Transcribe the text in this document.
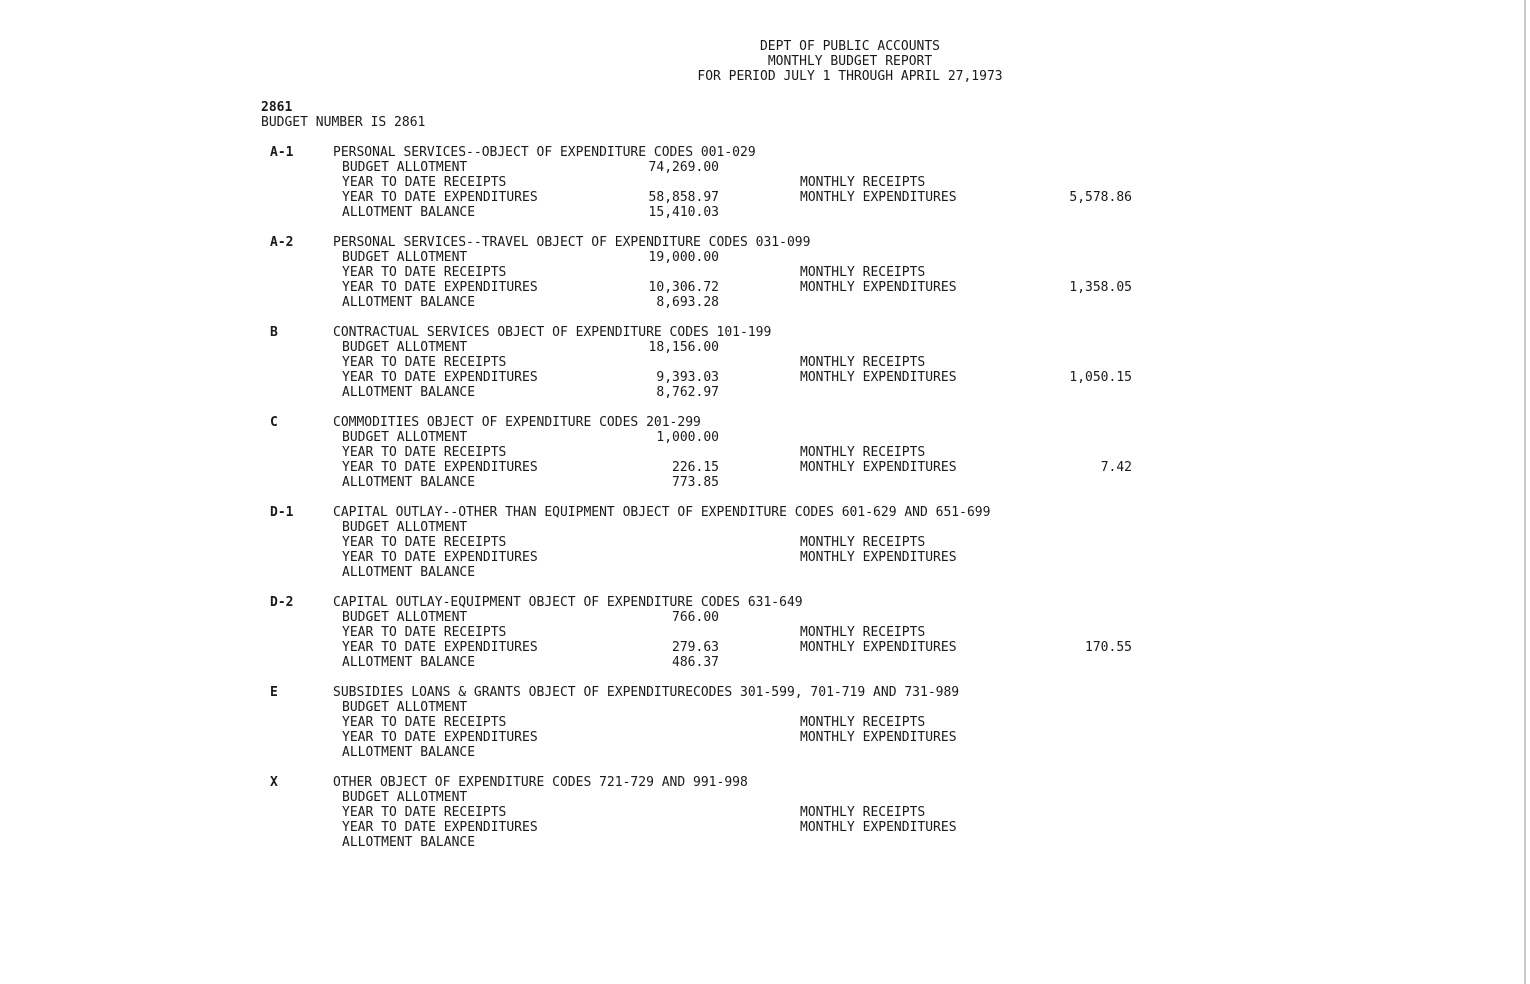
DEPT OF PUBLIC ACCOUNTS
MONTHLY BUDGET REPORT
FOR PERIOD JULY 1 THROUGH APRIL 27,1973
2861
BUDGET NUMBER IS 2861
A-1	PERSONAL SERVICES--OBJECT OF EXPENDITURE CODES 001-029
BUDGET ALLOTMENT	74,269.00
YEAR TO DATE RECEIPTS	MONTHLY RECEIPTS
YEAR TO DATE EXPENDITURES	58,858.97	MONTHLY EXPENDITURES	5,578.86
ALLOTMENT BALANCE	15,410.03
A-2	PERSONAL SERVICES--TRAVEL OBJECT OF EXPENDITURE CODES 031-099
BUDGET ALLOTMENT	19,000.00
YEAR TO DATE RECEIPTS	MONTHLY RECEIPTS
YEAR TO DATE EXPENDITURES	10,306.72	MONTHLY EXPENDITURES	1,358.05
ALLOTMENT BALANCE	8,693.28
B	CONTRACTUAL SERVICES OBJECT OF EXPENDITURE CODES 101-199
BUDGET ALLOTMENT	18,156.00
YEAR TO DATE RECEIPTS	MONTHLY RECEIPTS
YEAR TO DATE EXPENDITURES	9,393.03	MONTHLY EXPENDITURES	1,050.15
ALLOTMENT BALANCE	8,762.97
C	COMMODITIES OBJECT OF EXPENDITURE CODES 201-299
BUDGET ALLOTMENT	1,000.00
YEAR TO DATE RECEIPTS	MONTHLY RECEIPTS
YEAR TO DATE EXPENDITURES	226.15	MONTHLY EXPENDITURES	7.42
ALLOTMENT BALANCE	773.85
D-1	CAPITAL OUTLAY--OTHER THAN EQUIPMENT OBJECT OF EXPENDITURE CODES 601-629 AND 651-699
BUDGET ALLOTMENT
YEAR TO DATE RECEIPTS	MONTHLY RECEIPTS
YEAR TO DATE EXPENDITURES	MONTHLY EXPENDITURES
ALLOTMENT BALANCE
D-2	CAPITAL OUTLAY-EQUIPMENT OBJECT OF EXPENDITURE CODES 631-649
BUDGET ALLOTMENT	766.00
YEAR TO DATE RECEIPTS	MONTHLY RECEIPTS
YEAR TO DATE EXPENDITURES	279.63	MONTHLY EXPENDITURES	170.55
ALLOTMENT BALANCE	486.37
E	SUBSIDIES LOANS & GRANTS OBJECT OF EXPENDITURECODES 301-599, 701-719 AND 731-989
BUDGET ALLOTMENT
YEAR TO DATE RECEIPTS	MONTHLY RECEIPTS
YEAR TO DATE EXPENDITURES	MONTHLY EXPENDITURES
ALLOTMENT BALANCE
X	OTHER OBJECT OF EXPENDITURE CODES 721-729 AND 991-998
BUDGET ALLOTMENT
YEAR TO DATE RECEIPTS	MONTHLY RECEIPTS
YEAR TO DATE EXPENDITURES	MONTHLY EXPENDITURES
ALLOTMENT BALANCE
